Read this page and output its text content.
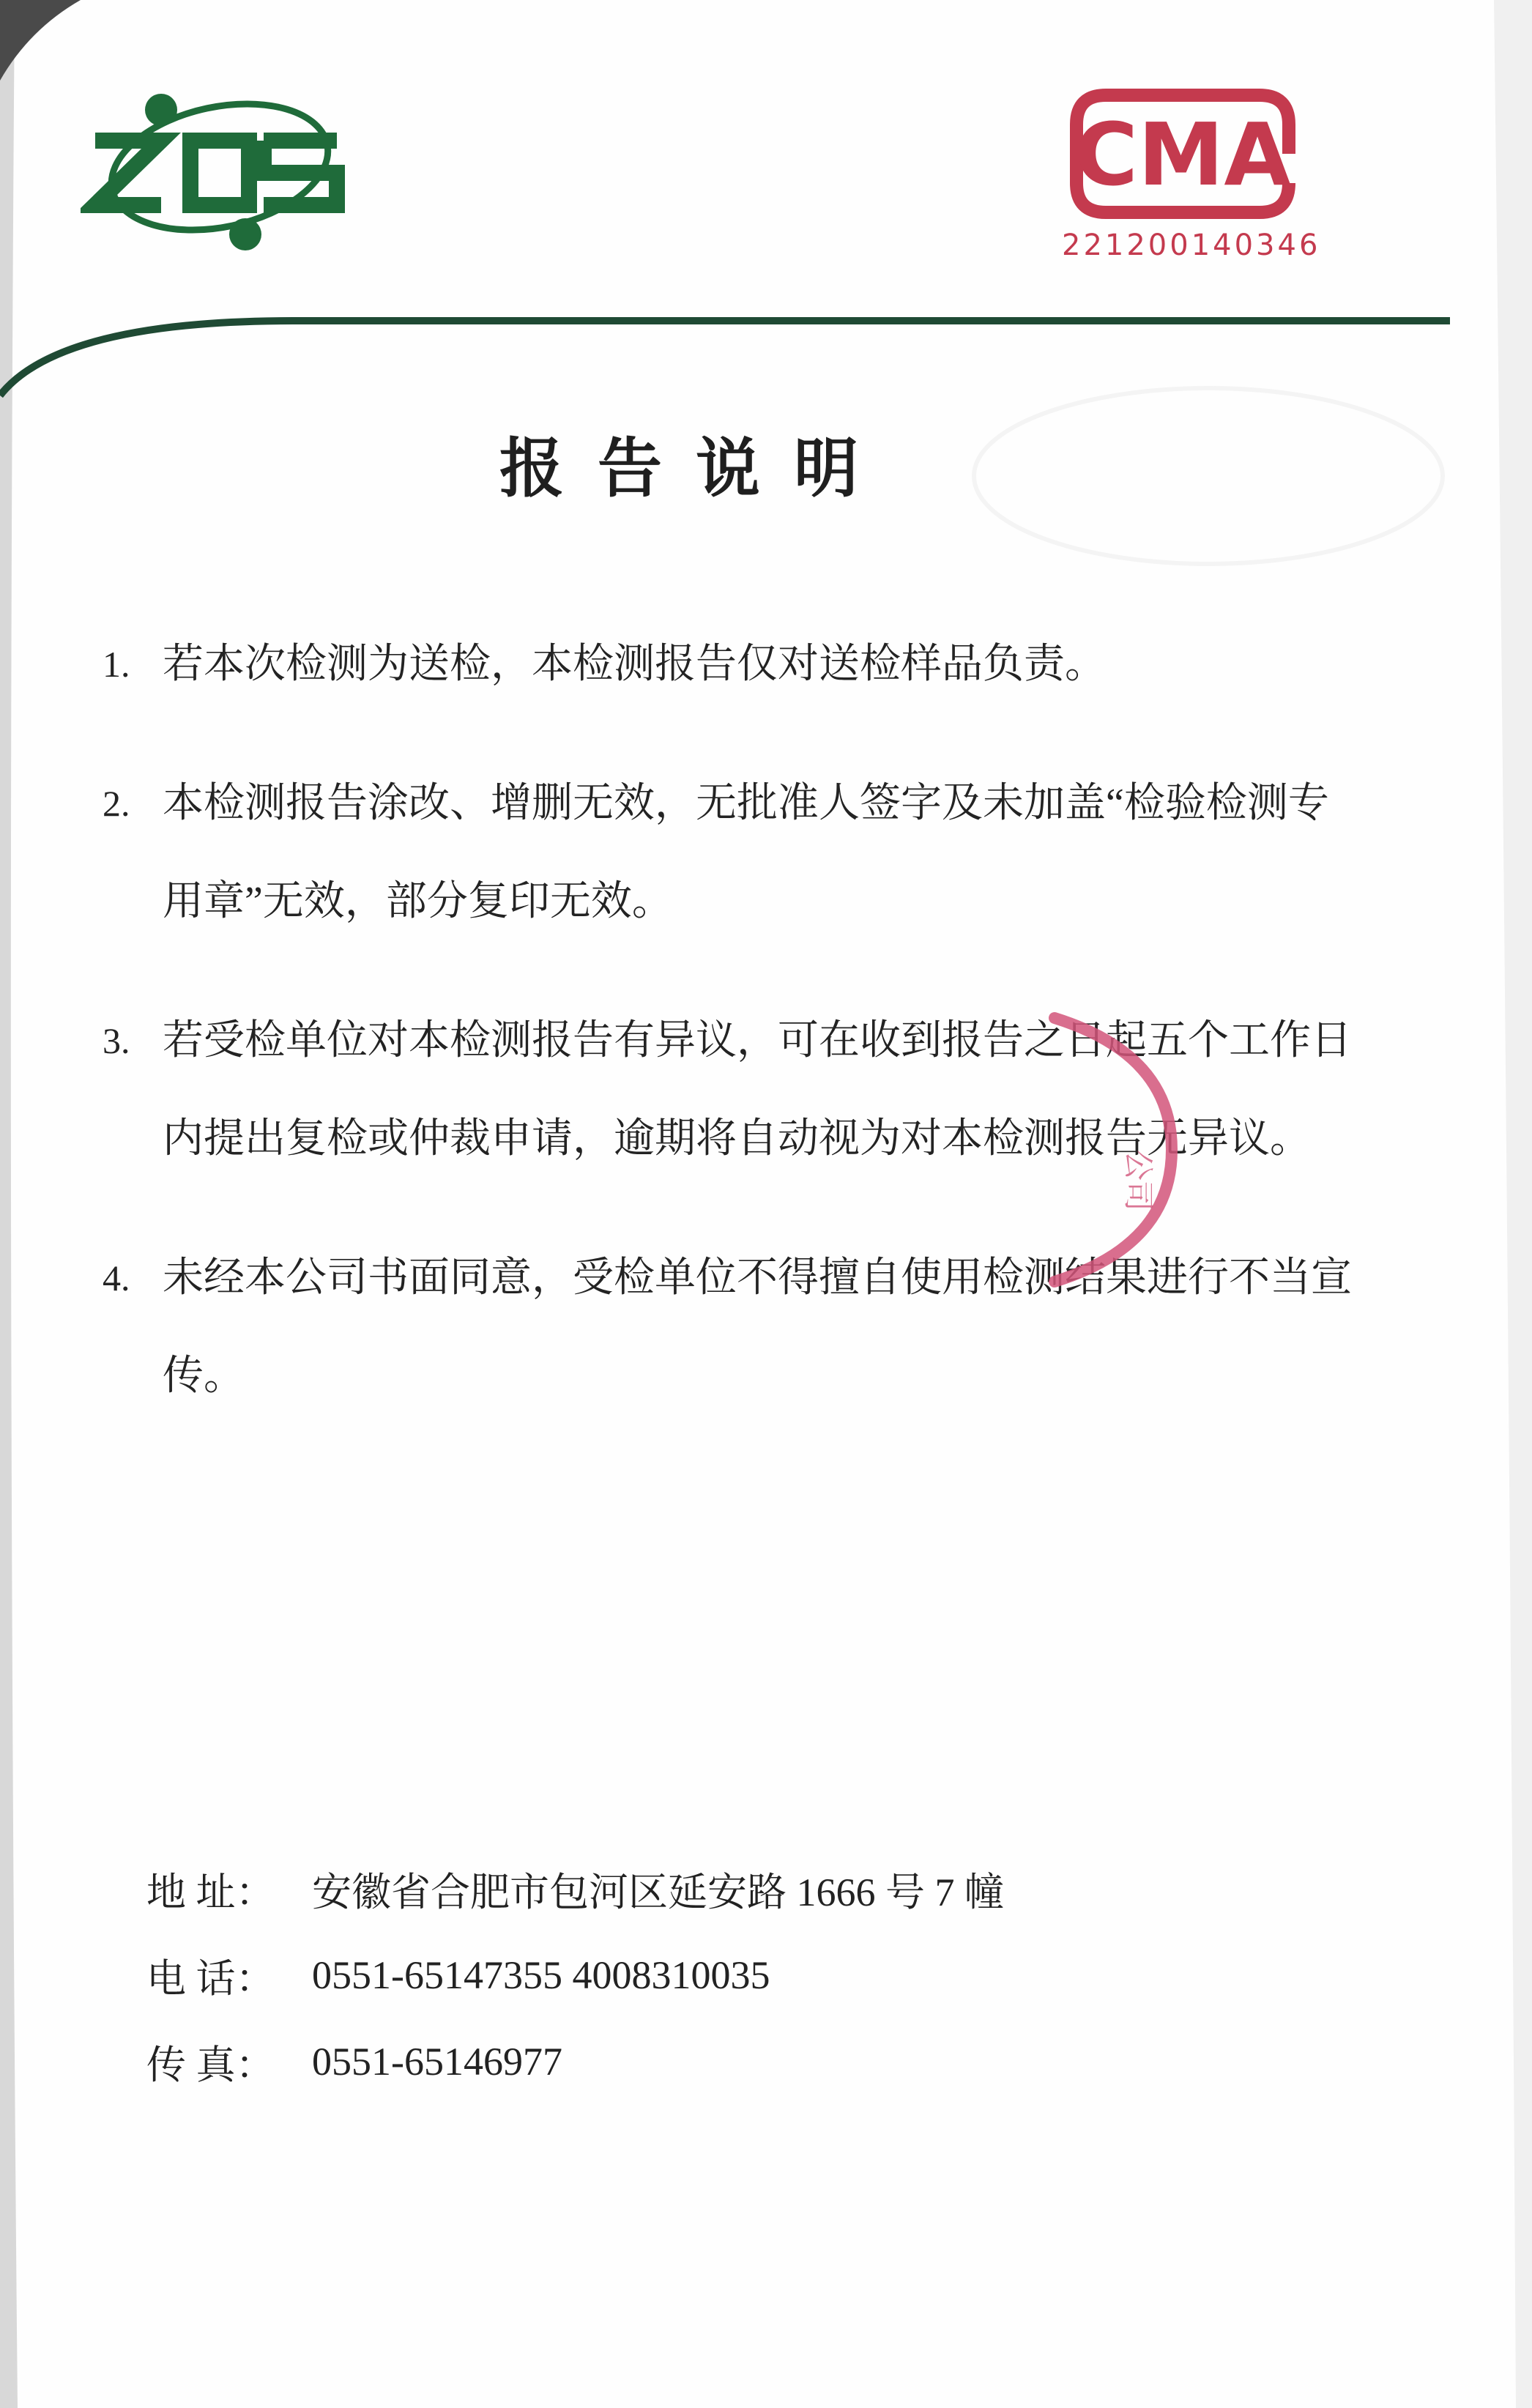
CMA
221200140346
报告说明
1. 若本次检测为送检，本检测报告仅对送检样品负责。
2. 本检测报告涂改、增删无效，无批准人签字及未加盖“检验检测专用章”无效，部分复印无效。
3. 若受检单位对本检测报告有异议，可在收到报告之日起五个工作日内提出复检或仲裁申请，逾期将自动视为对本检测报告无异议。
4. 未经本公司书面同意，受检单位不得擅自使用检测结果进行不当宣传。
公司
地 址： 安徽省合肥市包河区延安路 1666 号 7 幢
电 话： 0551-65147355 4008310035
传 真： 0551-65146977
